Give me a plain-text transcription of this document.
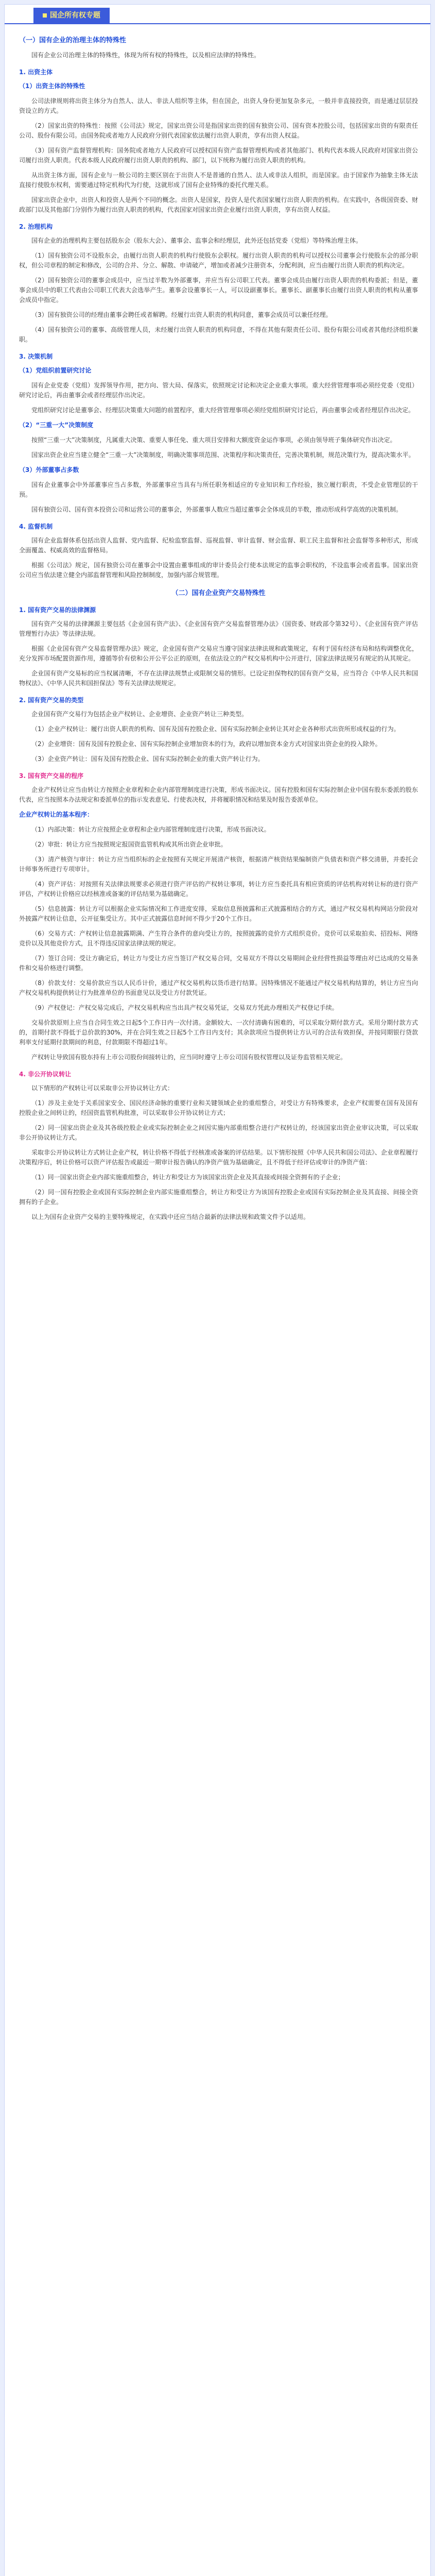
国企所有权专题
（一）国有企业的治理主体的特殊性

国有企业公司治理主体的特殊性，体现为所有权的特殊性，以及相应法律的特殊性。

1. 出资主体

（1）出资主体的特殊性

公司法律规则将出资主体分为自然人、法人、非法人组织等主体，但在国企，出资人身份更加复杂多元，一般并非直接投资，而是通过层层投资设立的方式。

（2）国家出资的特殊性：按照《公司法》规定，国家出资公司是指国家出资的国有独资公司、国有资本控股公司，包括国家出资的有限责任公司、股份有限公司。由国务院或者地方人民政府分别代表国家依法履行出资人职责，享有出资人权益。

（3）国有资产监督管理机构：国务院或者地方人民政府可以授权国有资产监督管理机构或者其他部门、机构代表本级人民政府对国家出资公司履行出资人职责。代表本级人民政府履行出资人职责的机构、部门，以下统称为履行出资人职责的机构。

从出资主体方面，国有企业与一般公司的主要区别在于出资人不是普通的自然人、法人或非法人组织，而是国家。由于国家作为抽象主体无法直接行使股东权利，需要通过特定机构代为行使，这就形成了国有企业特殊的委托代理关系。

国家出资企业中，出资人和投资人是两个不同的概念。出资人是国家，投资人是代表国家履行出资人职责的机构。在实践中，各级国资委、财政部门以及其他部门分别作为履行出资人职责的机构，代表国家对国家出资企业履行出资人职责，享有出资人权益。

2. 治理机构

国有企业的治理机构主要包括股东会（股东大会）、董事会、监事会和经理层，此外还包括党委（党组）等特殊治理主体。

（1）国有独资公司不设股东会，由履行出资人职责的机构行使股东会职权。履行出资人职责的机构可以授权公司董事会行使股东会的部分职权，但公司章程的制定和修改，公司的合并、分立、解散、申请破产，增加或者减少注册资本，分配利润，应当由履行出资人职责的机构决定。

（2）国有独资公司的董事会成员中，应当过半数为外部董事，并应当有公司职工代表。董事会成员由履行出资人职责的机构委派；但是，董事会成员中的职工代表由公司职工代表大会选举产生。董事会设董事长一人，可以设副董事长。董事长、副董事长由履行出资人职责的机构从董事会成员中指定。

（3）国有独资公司的经理由董事会聘任或者解聘。经履行出资人职责的机构同意，董事会成员可以兼任经理。

（4）国有独资公司的董事、高级管理人员，未经履行出资人职责的机构同意，不得在其他有限责任公司、股份有限公司或者其他经济组织兼职。

3. 决策机制

（1）党组织前置研究讨论

国有企业党委（党组）发挥领导作用，把方向、管大局、保落实，依照规定讨论和决定企业重大事项。重大经营管理事项必须经党委（党组）研究讨论后，再由董事会或者经理层作出决定。

党组织研究讨论是董事会、经理层决策重大问题的前置程序，重大经营管理事项必须经党组织研究讨论后，再由董事会或者经理层作出决定。

（2）“三重一大”决策制度

按照“三重一大”决策制度，凡属重大决策、重要人事任免、重大项目安排和大额度资金运作事项，必须由领导班子集体研究作出决定。

国家出资企业应当建立健全“三重一大”决策制度，明确决策事项范围、决策程序和决策责任，完善决策机制，规范决策行为，提高决策水平。

（3）外部董事占多数

国有企业董事会中外部董事应当占多数，外部董事应当具有与所任职务相适应的专业知识和工作经验，独立履行职责，不受企业管理层的干预。

国有独资公司、国有资本投资公司和运营公司的董事会，外部董事人数应当超过董事会全体成员的半数，推动形成科学高效的决策机制。

4. 监督机制

国有企业监督体系包括出资人监督、党内监督、纪检监察监督、巡视监督、审计监督、财会监督、职工民主监督和社会监督等多种形式，形成全面覆盖、权威高效的监督格局。

根据《公司法》规定，国有独资公司在董事会中设置由董事组成的审计委员会行使本法规定的监事会职权的，不设监事会或者监事。国家出资公司应当依法建立健全内部监督管理和风险控制制度，加强内部合规管理。

（二）国有企业资产交易特殊性
1. 国有资产交易的法律渊源

国有资产交易的法律渊源主要包括《企业国有资产法》、《企业国有资产交易监督管理办法》（国资委、财政部令第32号）、《企业国有资产评估管理暂行办法》等法律法规。

根据《企业国有资产交易监督管理办法》规定，企业国有资产交易应当遵守国家法律法规和政策规定，有利于国有经济布局和结构调整优化，充分发挥市场配置资源作用，遵循等价有偿和公开公平公正的原则，在依法设立的产权交易机构中公开进行，国家法律法规另有规定的从其规定。

企业国有资产交易标的应当权属清晰，不存在法律法规禁止或限制交易的情形。已设定担保物权的国有资产交易，应当符合《中华人民共和国物权法》、《中华人民共和国担保法》等有关法律法规规定。

2. 国有资产交易的类型

企业国有资产交易行为包括企业产权转让、企业增资、企业资产转让三种类型。

（1）企业产权转让：履行出资人职责的机构、国有及国有控股企业、国有实际控制企业转让其对企业各种形式出资所形成权益的行为。

（2）企业增资：国有及国有控股企业、国有实际控制企业增加资本的行为，政府以增加资本金方式对国家出资企业的投入除外。

（3）企业资产转让：国有及国有控股企业、国有实际控制企业的重大资产转让行为。

3. 国有资产交易的程序

企业产权转让应当由转让方按照企业章程和企业内部管理制度进行决策，形成书面决议。国有控股和国有实际控制企业中国有股东委派的股东代表，应当按照本办法规定和委派单位的指示发表意见、行使表决权，并将履职情况和结果及时报告委派单位。

企业产权转让的基本程序：

（1）内部决策：转让方应按照企业章程和企业内部管理制度进行决策，形成书面决议。

（2）审批：转让方应当按照规定报国资监管机构或其所出资企业审批。

（3）清产核资与审计：转让方应当组织标的企业按照有关规定开展清产核资，根据清产核资结果编制资产负债表和资产移交清册，并委托会计师事务所进行专项审计。

（4）资产评估：对按照有关法律法规要求必须进行资产评估的产权转让事项，转让方应当委托具有相应资质的评估机构对转让标的进行资产评估，产权转让价格应以经核准或备案的评估结果为基础确定。

（5）信息披露：转让方可以根据企业实际情况和工作进度安排，采取信息预披露和正式披露相结合的方式，通过产权交易机构网站分阶段对外披露产权转让信息，公开征集受让方。其中正式披露信息时间不得少于20个工作日。

（6）交易方式：产权转让信息披露期满、产生符合条件的意向受让方的，按照披露的竞价方式组织竞价。竞价可以采取拍卖、招投标、网络竞价以及其他竞价方式，且不得违反国家法律法规的规定。

（7）签订合同：受让方确定后，转让方与受让方应当签订产权交易合同，交易双方不得以交易期间企业经营性损益等理由对已达成的交易条件和交易价格进行调整。

（8）价款支付：交易价款应当以人民币计价，通过产权交易机构以货币进行结算。因特殊情况不能通过产权交易机构结算的，转让方应当向产权交易机构提供转让行为批准单位的书面意见以及受让方付款凭证。

（9）产权登记：产权交易完成后，产权交易机构应当出具产权交易凭证，交易双方凭此办理相关产权登记手续。

交易价款原则上应当自合同生效之日起5个工作日内一次付清。金额较大、一次付清确有困难的，可以采取分期付款方式。采用分期付款方式的，首期付款不得低于总价款的30%，并在合同生效之日起5个工作日内支付；其余款项应当提供转让方认可的合法有效担保，并按同期银行贷款利率支付延期付款期间的利息，付款期限不得超过1年。

产权转让导致国有股东持有上市公司股份间接转让的，应当同时遵守上市公司国有股权管理以及证券监管相关规定。

4. 非公开协议转让

以下情形的产权转让可以采取非公开协议转让方式：

（1）涉及主业处于关系国家安全、国民经济命脉的重要行业和关键领域企业的重组整合，对受让方有特殊要求，企业产权需要在国有及国有控股企业之间转让的，经国资监管机构批准，可以采取非公开协议转让方式；

（2）同一国家出资企业及其各级控股企业或实际控制企业之间因实施内部重组整合进行产权转让的，经该国家出资企业审议决策，可以采取非公开协议转让方式。

采取非公开协议转让方式转让企业产权，转让价格不得低于经核准或备案的评估结果。以下情形按照《中华人民共和国公司法》、企业章程履行决策程序后，转让价格可以资产评估报告或最近一期审计报告确认的净资产值为基础确定，且不得低于经评估或审计的净资产值：

（1）同一国家出资企业内部实施重组整合，转让方和受让方为该国家出资企业及其直接或间接全资拥有的子企业；

（2）同一国有控股企业或国有实际控制企业内部实施重组整合，转让方和受让方为该国有控股企业或国有实际控制企业及其直接、间接全资拥有的子企业。

以上为国有企业资产交易的主要特殊规定，在实践中还应当结合最新的法律法规和政策文件予以适用。
